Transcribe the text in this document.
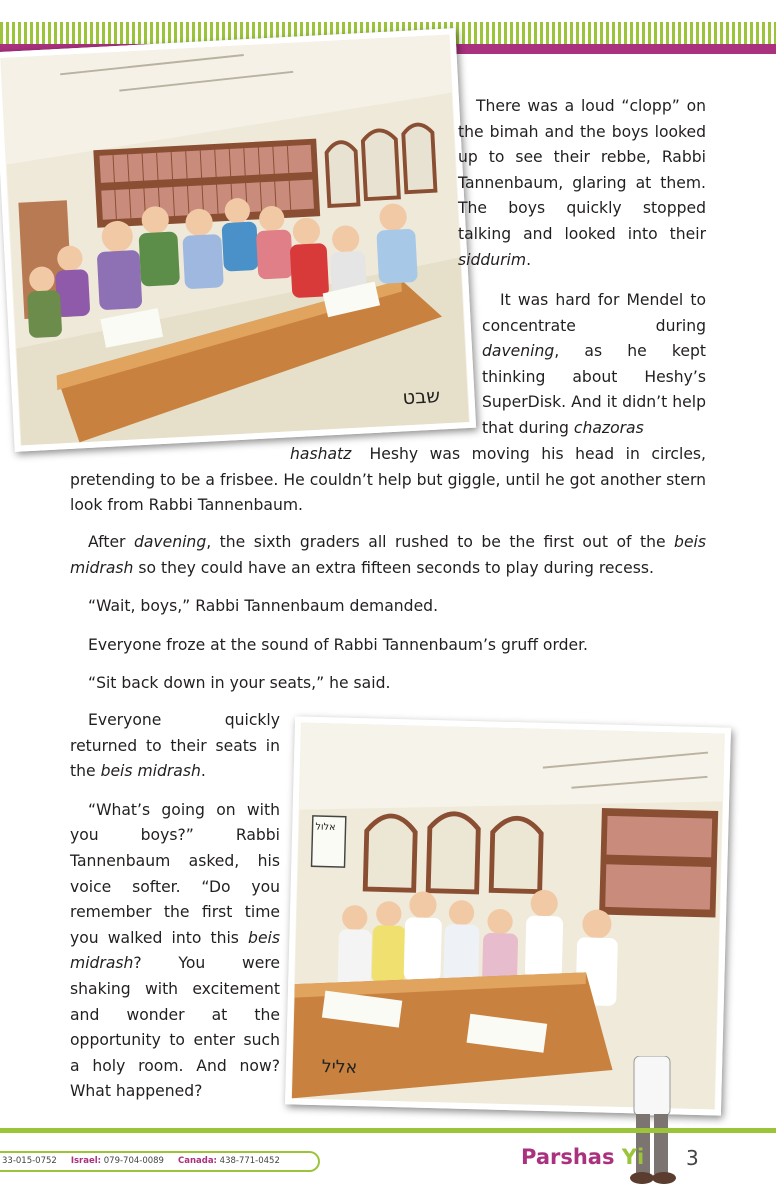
שבט
אלול
אליל

There was a loud “clopp” on the bimah and the boys looked up to see their rebbe, Rabbi Tannenbaum, glaring at them. The boys quickly stopped talking and looked into their siddurim.

It was hard for Mendel to concentrate during davening, as he kept thinking about Heshy’s SuperDisk. And it didn’t help that during chazoras

hashatz Heshy was moving his head in circles, pretending to be a frisbee. He couldn’t help but giggle, until he got another stern look from Rabbi Tannenbaum.

After davening, the sixth graders all rushed to be the first out of the beis midrash so they could have an extra fifteen seconds to play during recess.

“Wait, boys,” Rabbi Tannenbaum demanded.

Everyone froze at the sound of Rabbi Tannenbaum’s gruff order.

“Sit back down in your seats,” he said.

Everyone quickly returned to their seats in the beis midrash.

“What’s going on with you boys?” Rabbi Tannenbaum asked, his voice softer. “Do you remember the first time you walked into this beis midrash? You were shaking with excitement and wonder at the opportunity to enter such a holy room. And now? What happened?

33-015-0752 Israel: 079-704-0089 Canada: 438-771-0452	Parshas Yi 3
